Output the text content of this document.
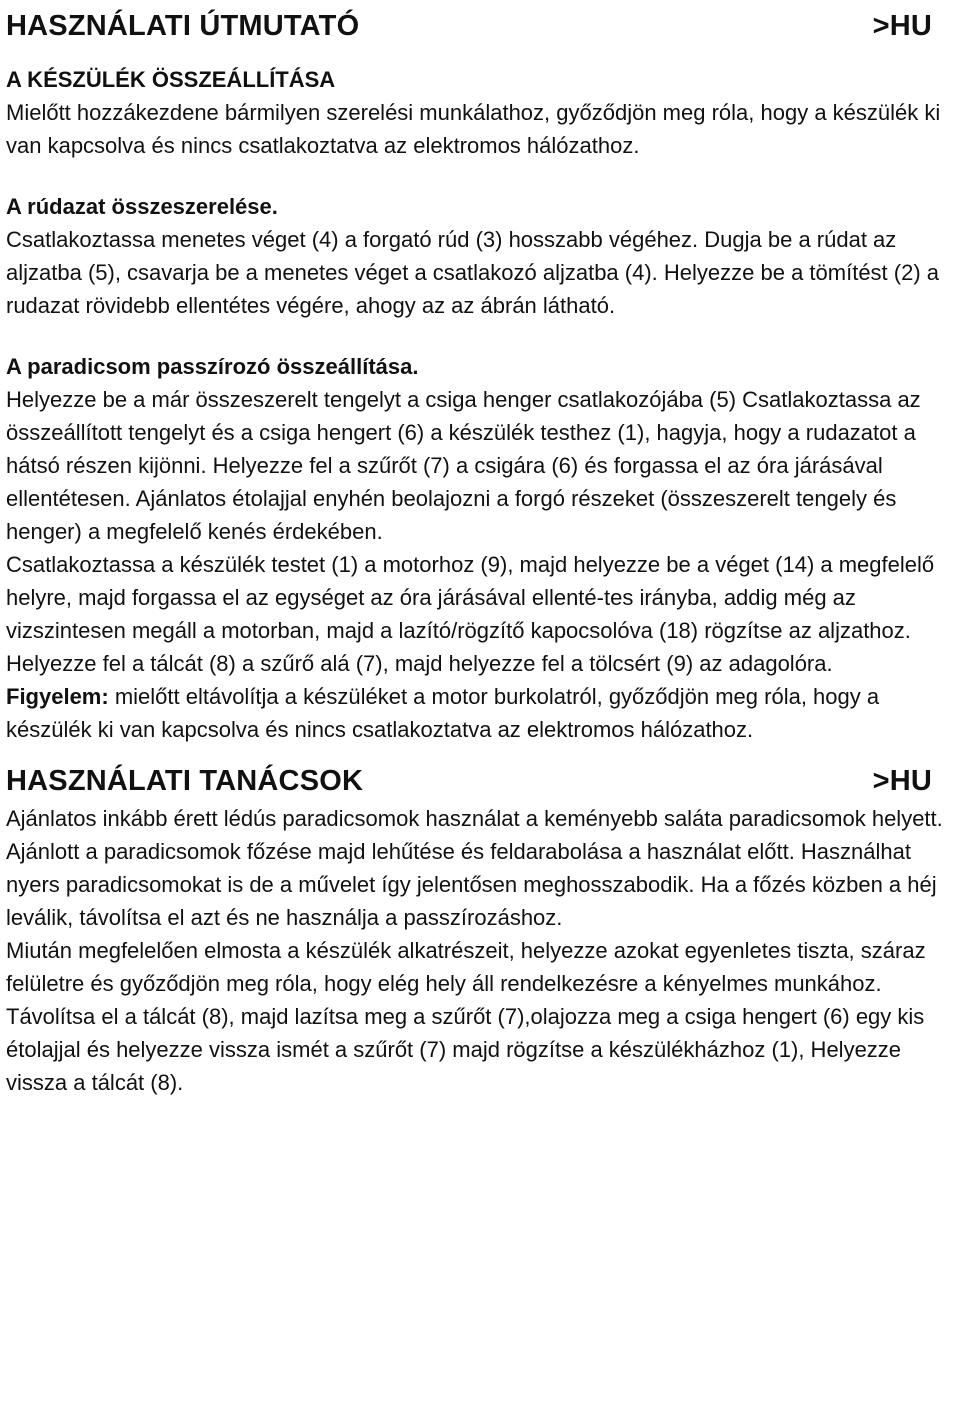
HASZNÁLATI ÚTMUTATÓ	>HU

A KÉSZÜLÉK ÖSSZEÁLLÍTÁSA

Mielőtt hozzákezdene bármilyen szerelési munkálathoz, győződjön meg róla, hogy a készülék ki van kapcsolva és nincs csatlakoztatva az elektromos hálózathoz.

A rúdazat összeszerelése.

Csatlakoztassa menetes véget (4) a forgató rúd (3) hosszabb végéhez. Dugja be a rúdat az aljzatba (5), csavarja be a menetes véget a csatlakozó aljzatba (4). Helyezze be a tömítést (2) a rudazat rövidebb ellentétes végére, ahogy az az ábrán látható.

A paradicsom passzírozó összeállítása.

Helyezze be a már összeszerelt tengelyt a csiga henger csatlakozójába (5) Csatlakoztassa az összeállított tengelyt és a csiga hengert (6) a készülék testhez (1), hagyja, hogy a rudazatot a hátsó részen kijönni. Helyezze fel a szűrőt (7) a csigára (6) és forgassa el az óra járásával ellentétesen. Ajánlatos étolajjal enyhén beolajozni a forgó részeket (összeszerelt tengely és henger) a megfelelő kenés érdekében.

Csatlakoztassa a készülék testet (1) a motorhoz (9), majd helyezze be a véget (14) a megfelelő helyre, majd forgassa el az egységet az óra járásával ellenté-tes irányba, addig még az vizszintesen megáll a motorban, majd a lazító/rögzítő kapocsolóva (18) rögzítse az aljzathoz.

Helyezze fel a tálcát (8) a szűrő alá (7), majd helyezze fel a tölcsért (9) az adagolóra.

Figyelem: mielőtt eltávolítja a készüléket a motor burkolatról, győződjön meg róla, hogy a készülék ki van kapcsolva és nincs csatlakoztatva az elektromos hálózathoz.

HASZNÁLATI TANÁCSOK	>HU

Ajánlatos inkább érett lédús paradicsomok használat a keményebb saláta paradicsomok helyett. Ajánlott a paradicsomok főzése majd lehűtése és feldarabolása a használat előtt. Használhat nyers paradicsomokat is de a művelet így jelentősen meghosszabodik. Ha a főzés közben a héj leválik, távolítsa el azt és ne használja a passzírozáshoz.

Miután megfelelően elmosta a készülék alkatrészeit, helyezze azokat egyenletes tiszta, száraz felületre és győződjön meg róla, hogy elég hely áll rendelkezésre a kényelmes munkához.

Távolítsa el a tálcát (8), majd lazítsa meg a szűrőt (7),olajozza meg a csiga hengert (6) egy kis étolajjal és helyezze vissza ismét a szűrőt (7) majd rögzítse a készülékházhoz (1), Helyezze vissza a tálcát (8).
